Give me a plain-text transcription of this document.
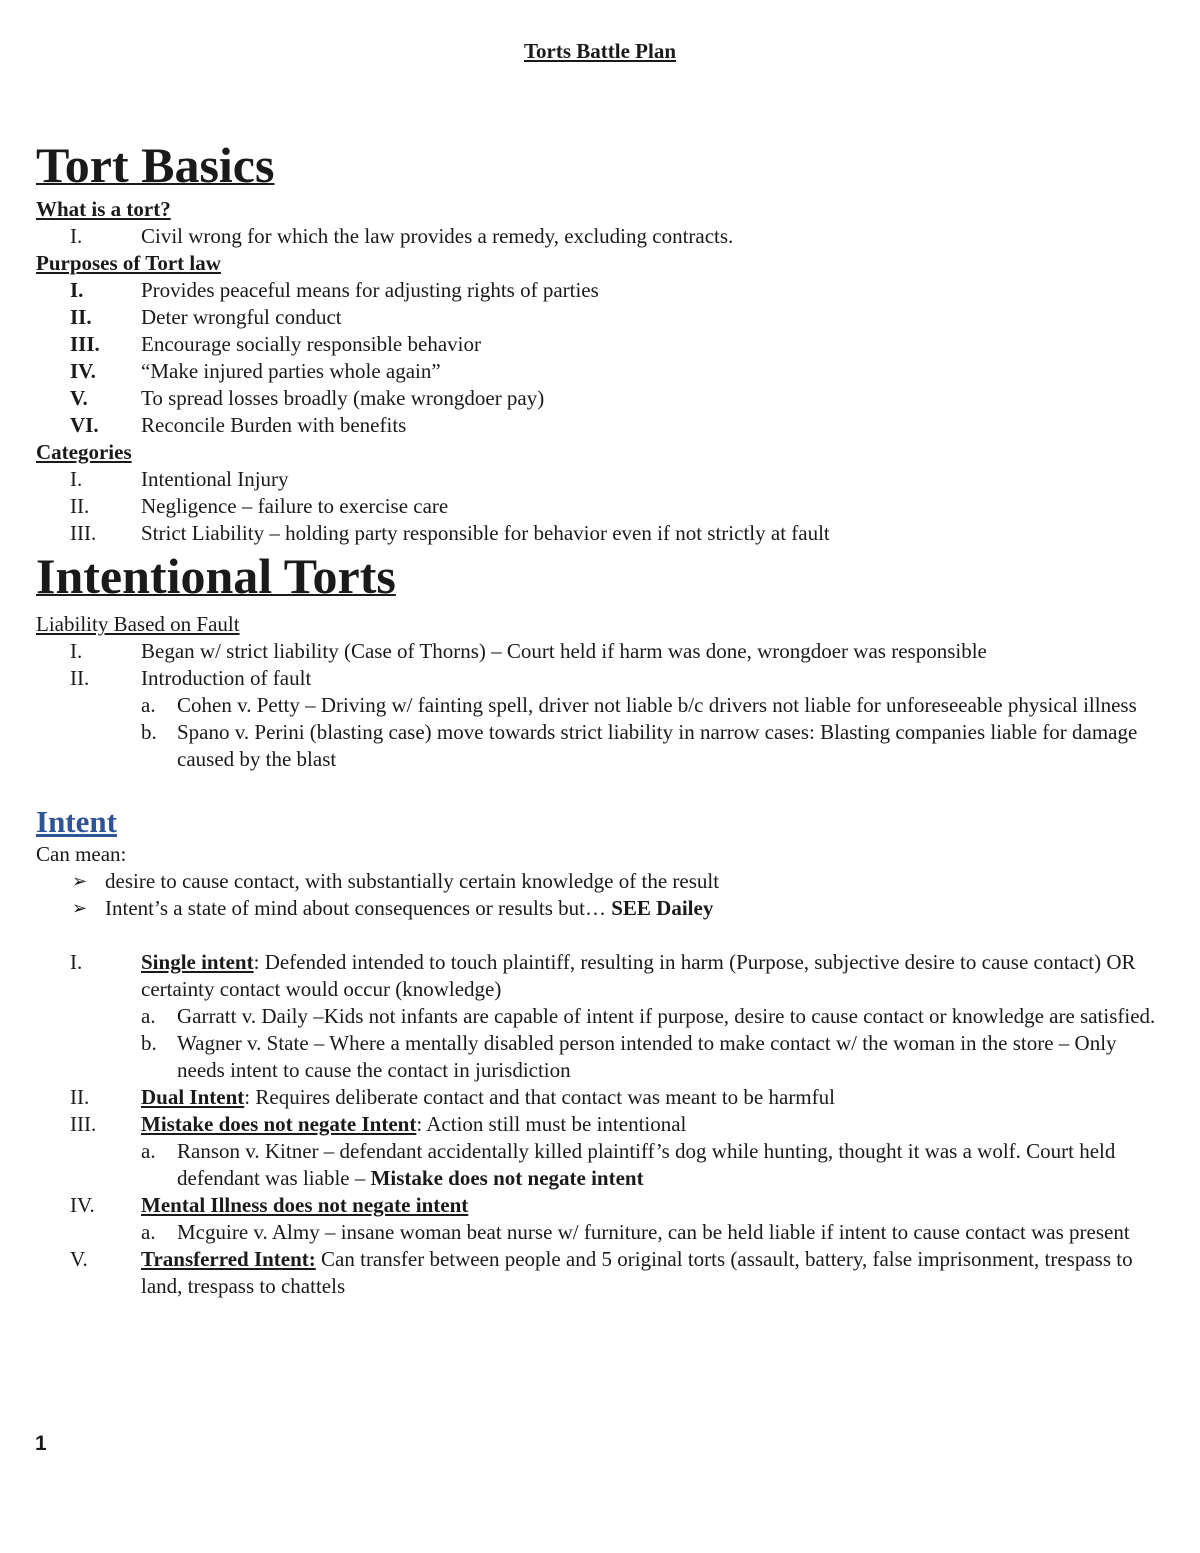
Torts Battle Plan
Tort Basics
What is a tort?
I.	Civil wrong for which the law provides a remedy, excluding contracts.
Purposes of Tort law
I.	Provides peaceful means for adjusting rights of parties
II.	Deter wrongful conduct
III.	Encourage socially responsible behavior
IV.	“Make injured parties whole again”
V.	To spread losses broadly (make wrongdoer pay)
VI.	Reconcile Burden with benefits
Categories
I.	Intentional Injury
II.	Negligence – failure to exercise care
III.	Strict Liability – holding party responsible for behavior even if not strictly at fault
Intentional Torts
Liability Based on Fault
I.	Began w/ strict liability (Case of Thorns) – Court held if harm was done, wrongdoer was responsible
II.	Introduction of fault
a.	Cohen v. Petty – Driving w/ fainting spell, driver not liable b/c drivers not liable for unforeseeable physical illness
b. Spano v. Perini (blasting case) move towards strict liability in narrow cases: Blasting companies liable for damage caused by the blast
Intent
Can mean:
➢ desire to cause contact, with substantially certain knowledge of the result
➢ Intent’s a state of mind about consequences or results but… SEE Dailey
I.	Single intent: Defended intended to touch plaintiff, resulting in harm (Purpose, subjective desire to cause contact) OR certainty contact would occur (knowledge)
a.	Garratt v. Daily –Kids not infants are capable of intent if purpose, desire to cause contact or knowledge are satisfied.
b. Wagner v. State – Where a mentally disabled person intended to make contact w/ the woman in the store – Only needs intent to cause the contact in jurisdiction
II.	Dual Intent: Requires deliberate contact and that contact was meant to be harmful
III.	Mistake does not negate Intent: Action still must be intentional
a.	Ranson v. Kitner – defendant accidentally killed plaintiff’s dog while hunting, thought it was a wolf. Court held defendant was liable – Mistake does not negate intent
IV.	Mental Illness does not negate intent
a.	Mcguire v. Almy – insane woman beat nurse w/ furniture, can be held liable if intent to cause contact was present
V.	Transferred Intent: Can transfer between people and 5 original torts (assault, battery, false imprisonment, trespass to land, trespass to chattels
1
